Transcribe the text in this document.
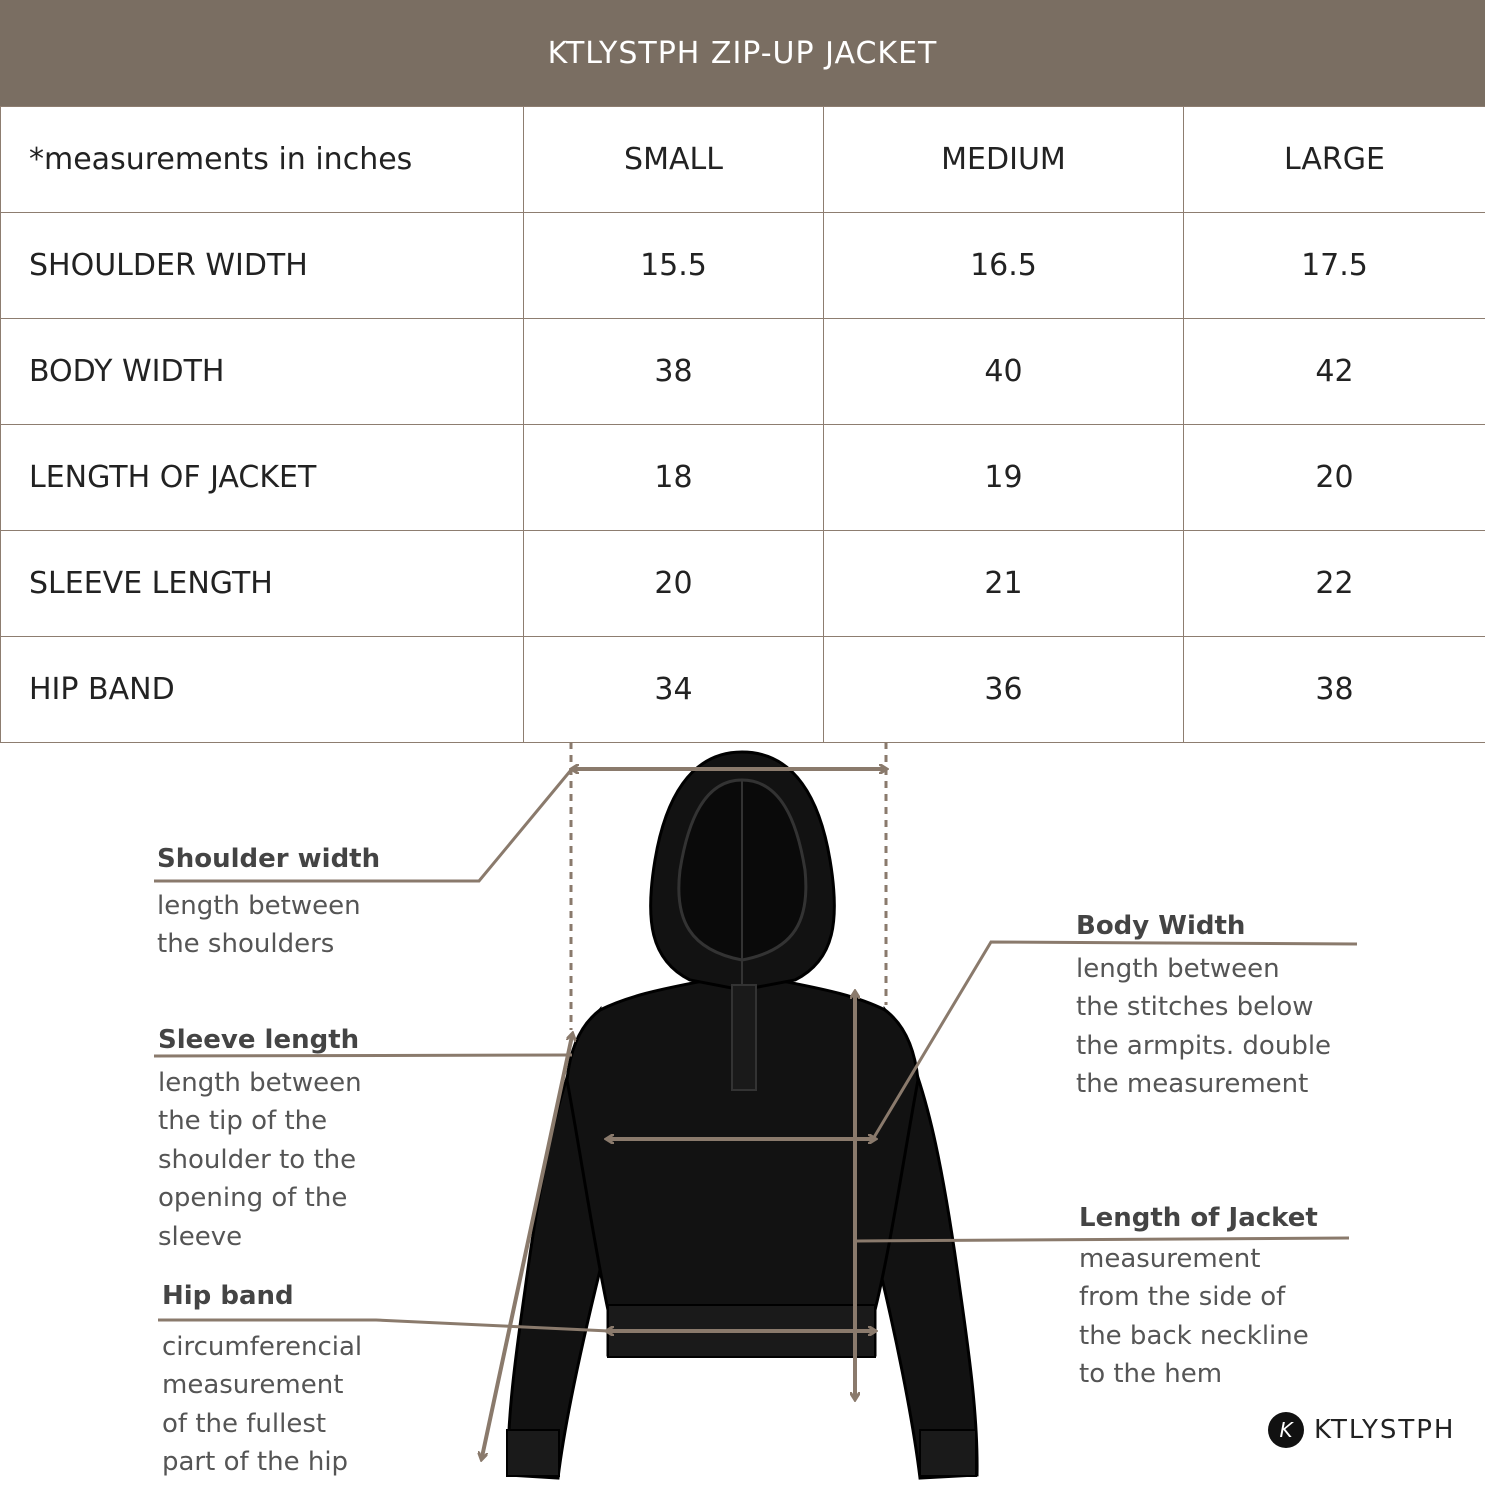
KTLYSTPH ZIP-UP JACKET
*measurements in inches	SMALL	MEDIUM	LARGE
SHOULDER WIDTH	15.5	16.5	17.5
BODY WIDTH	38	40	42
LENGTH OF JACKET	18	19	20
SLEEVE LENGTH	20	21	22
HIP BAND	34	36	38
Shoulder width
length between
the shoulders
Sleeve length
length between
the tip of the
shoulder to the
opening of the
sleeve
Hip band
circumferencial
measurement
of the fullest
part of the hip
Body Width
length between
the stitches below
the armpits. double
the measurement
Length of Jacket
measurement
from the side of
the back neckline
to the hem
K KTLYSTPH
